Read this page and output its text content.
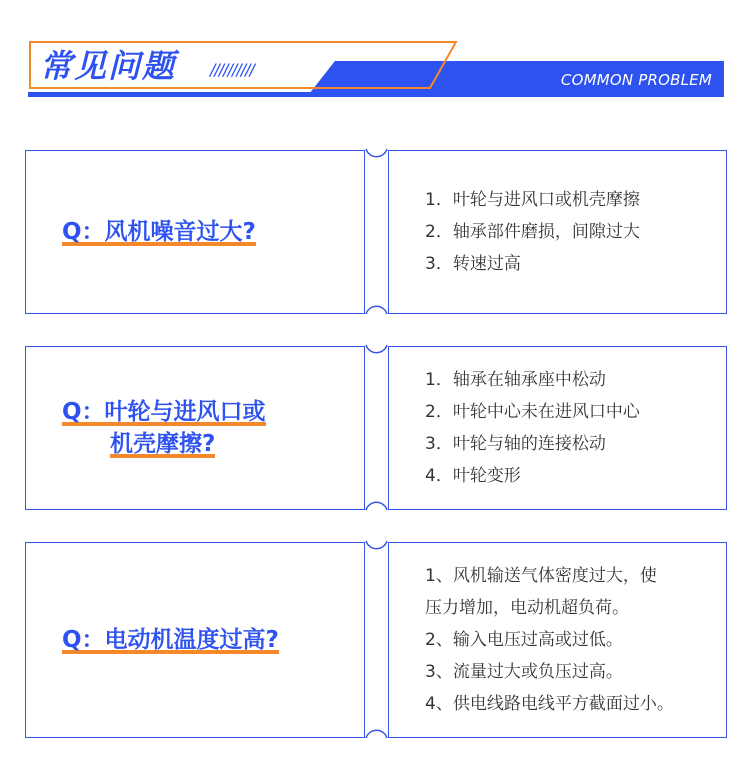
常见问题 //////////
COMMON PROBLEM
Q：风机噪音过大?
1．叶轮与进风口或机壳摩擦
2．轴承部件磨损，间隙过大
3．转速过高
Q：叶轮与进风口或
机壳摩擦?
1．轴承在轴承座中松动
2．叶轮中心未在进风口中心
3．叶轮与轴的连接松动
4．叶轮变形
Q：电动机温度过高?
1、风机输送气体密度过大，使
压力增加，电动机超负荷。
2、输入电压过高或过低。
3、流量过大或负压过高。
4、供电线路电线平方截面过小。
